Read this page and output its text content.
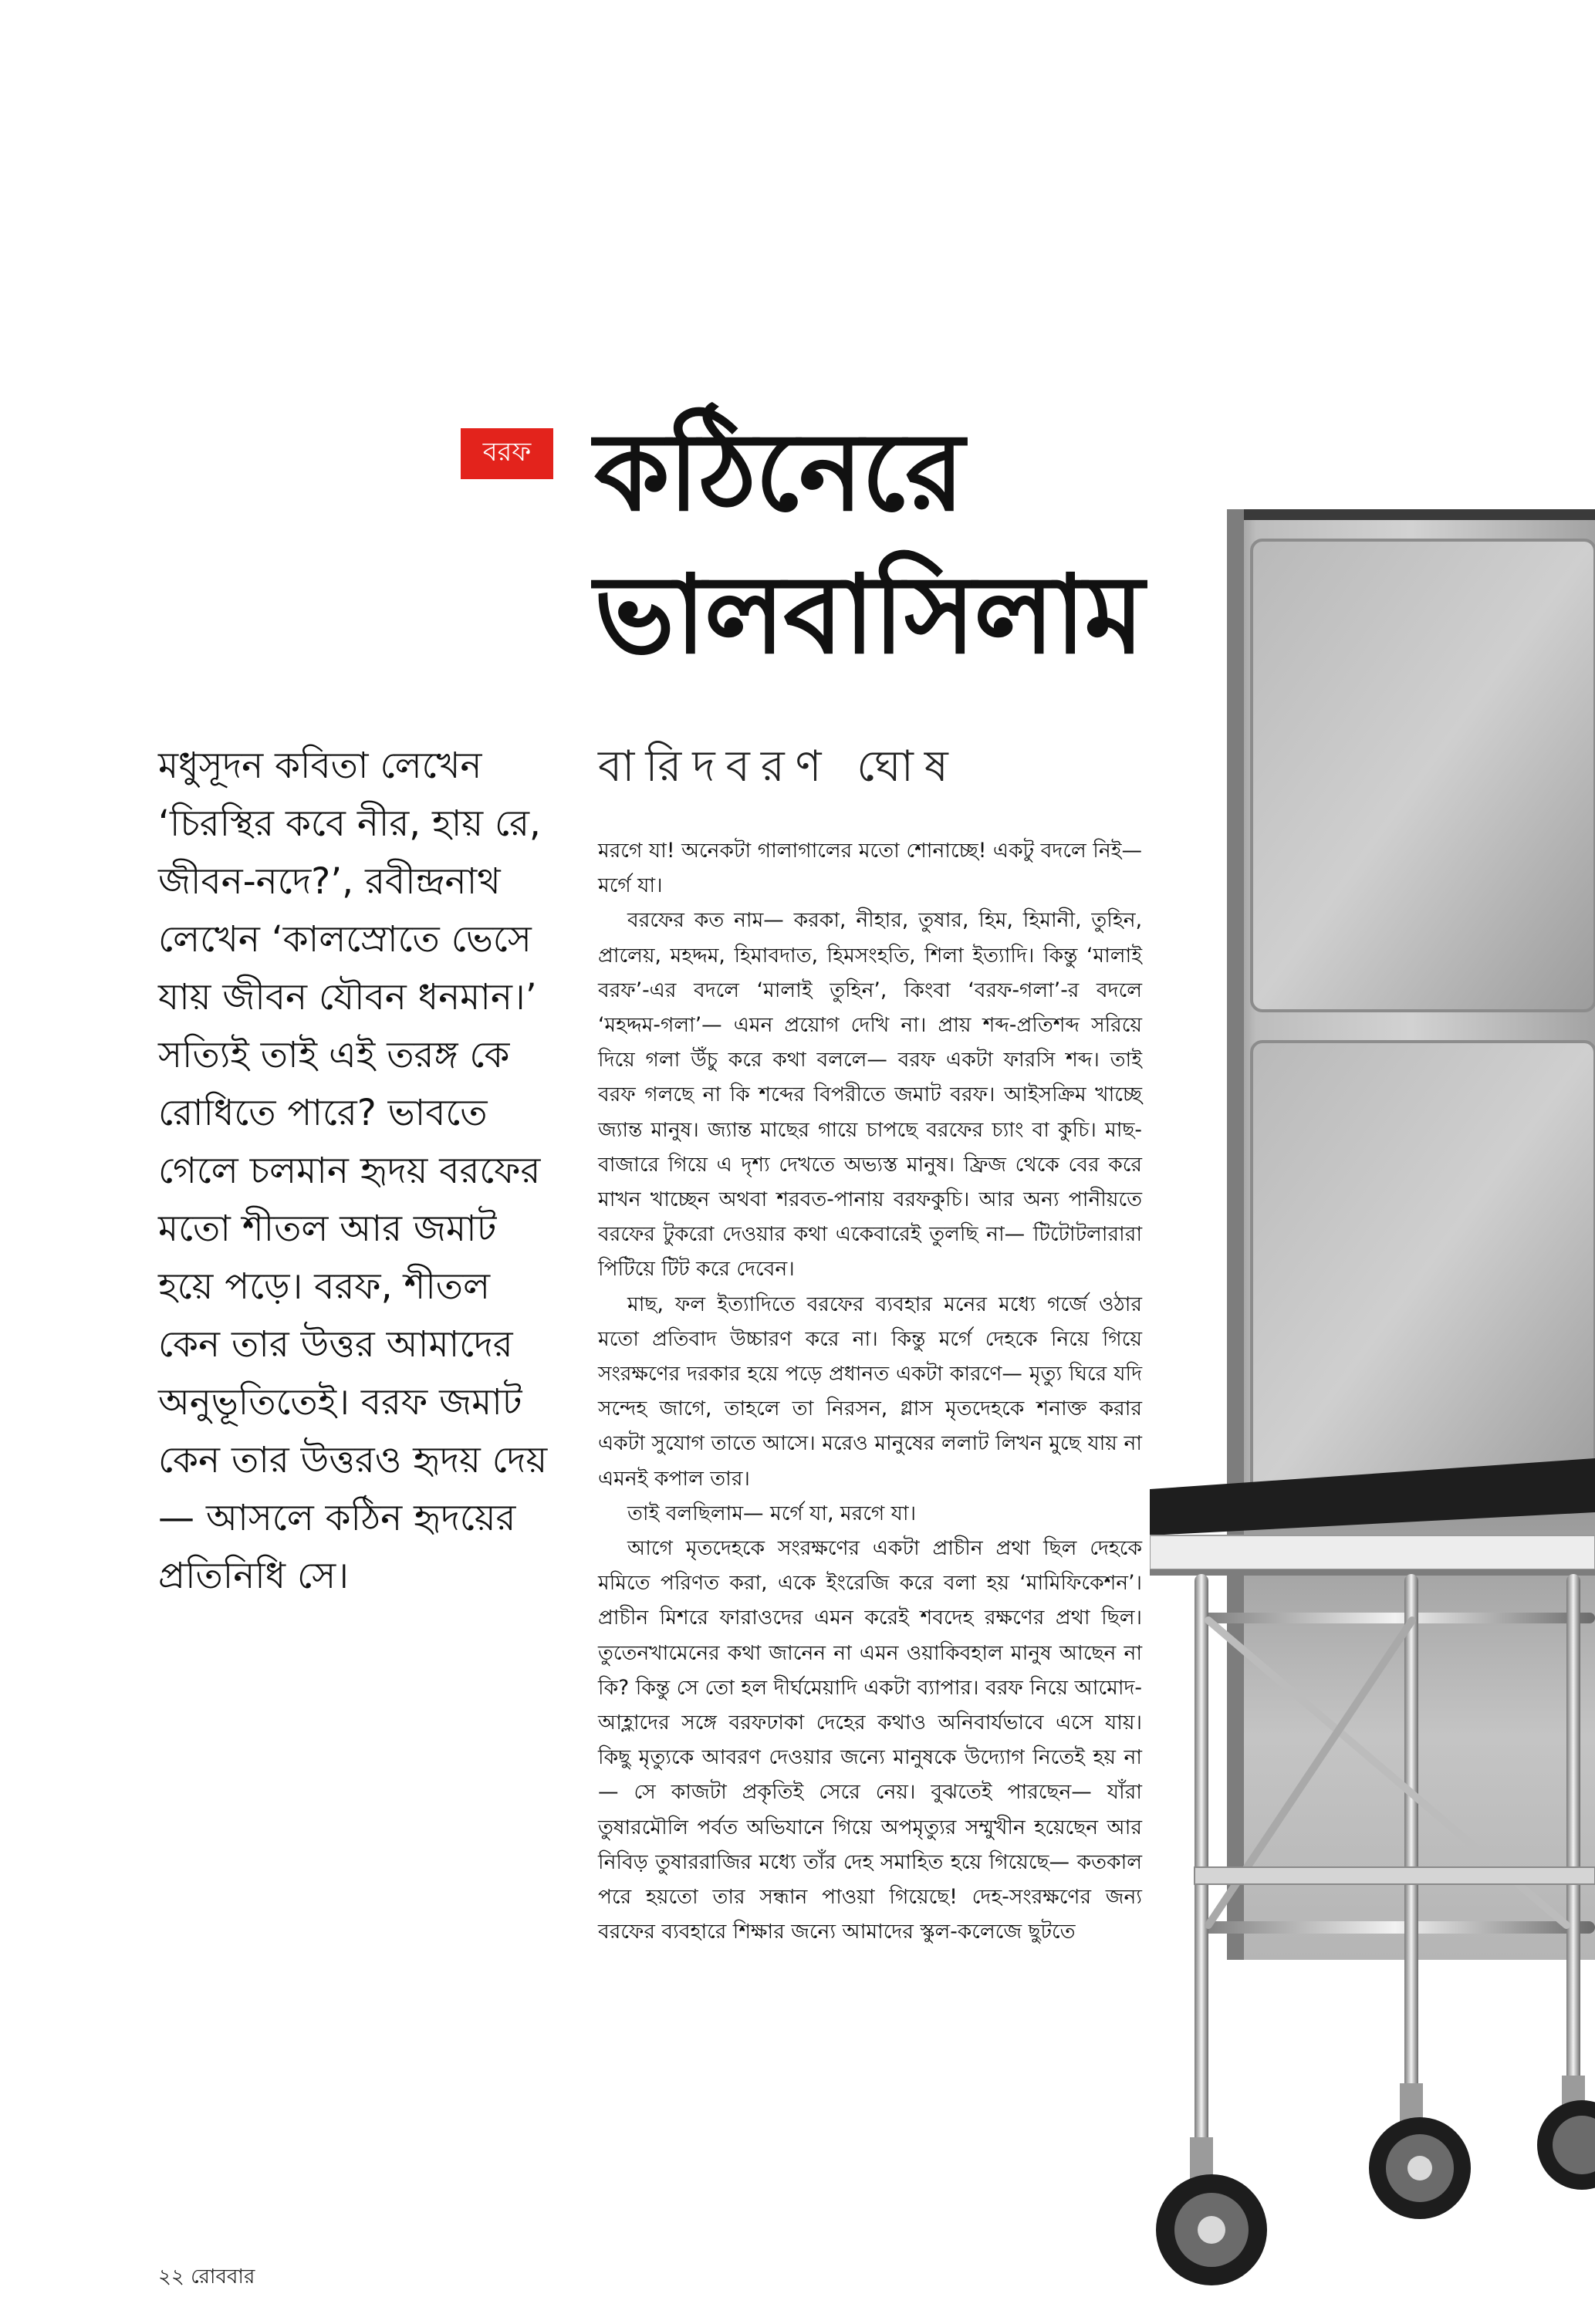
বরফ কঠিনেরে
ভালবাসিলাম
বারিদবরণ ঘোষ
মধুসূদন কবিতা লেখেন ‘চিরস্থির কবে নীর, হায় রে, জীবন-নদে?’, রবীন্দ্রনাথ লেখেন ‘কালস্রোতে ভেসে যায় জীবন যৌবন ধনমান।’ সত্যিই তাই এই তরঙ্গ কে রোধিতে পারে? ভাবতে গেলে চলমান হৃদয় বরফের মতো শীতল আর জমাট হয়ে পড়ে। বরফ, শীতল কেন তার উত্তর আমাদের অনুভূতিতেই। বরফ জমাট কেন তার উত্তরও হৃদয় দেয়— আসলে কঠিন হৃদয়ের প্রতিনিধি সে।

মরগে যা! অনেকটা গালাগালের মতো শোনাচ্ছে! একটু বদলে নিই— মর্গে যা।

বরফের কত নাম— করকা, নীহার, তুষার, হিম, হিমানী, তুহিন, প্রালেয়, মহদ্দম, হিমাবদাত, হিমসংহতি, শিলা ইত্যাদি। কিন্তু ‘মালাই বরফ’-এর বদলে ‘মালাই তুহিন’, কিংবা ‘বরফ-গলা’-র বদলে ‘মহদ্দম-গলা’— এমন প্রয়োগ দেখি না। প্রায় শব্দ-প্রতিশব্দ সরিয়ে দিয়ে গলা উঁচু করে কথা বললে— বরফ একটা ফারসি শব্দ। তাই বরফ গলছে না কি শব্দের বিপরীতে জমাট বরফ। আইসক্রিম খাচ্ছে জ্যান্ত মানুষ। জ্যান্ত মাছের গায়ে চাপছে বরফের চ্যাং বা কুচি। মাছ-বাজারে গিয়ে এ দৃশ্য দেখতে অভ্যস্ত মানুষ। ফ্রিজ থেকে বের করে মাখন খাচ্ছেন অথবা শরবত-পানায় বরফকুচি। আর অন্য পানীয়তে বরফের টুকরো দেওয়ার কথা একেবারেই তুলছি না— টিটোটলারারা পিটিয়ে টিট করে দেবেন।

মাছ, ফল ইত্যাদিতে বরফের ব্যবহার মনের মধ্যে গর্জে ওঠার মতো প্রতিবাদ উচ্চারণ করে না। কিন্তু মর্গে দেহকে নিয়ে গিয়ে সংরক্ষণের দরকার হয়ে পড়ে প্রধানত একটা কারণে— মৃত্যু ঘিরে যদি সন্দেহ জাগে, তাহলে তা নিরসন, গ্লাস মৃতদেহকে শনাক্ত করার একটা সুযোগ তাতে আসে। মরেও মানুষের ললাট লিখন মুছে যায় না এমনই কপাল তার।

তাই বলছিলাম— মর্গে যা, মরগে যা।

আগে মৃতদেহকে সংরক্ষণের একটা প্রাচীন প্রথা ছিল দেহকে মমিতে পরিণত করা, একে ইংরেজি করে বলা হয় ‘মামিফিকেশন’। প্রাচীন মিশরে ফারাওদের এমন করেই শবদেহ রক্ষণের প্রথা ছিল। তুতেনখামেনের কথা জানেন না এমন ওয়াকিবহাল মানুষ আছেন না কি? কিন্তু সে তো হল দীর্ঘমেয়াদি একটা ব্যাপার। বরফ নিয়ে আমোদ-আহ্লাদের সঙ্গে বরফঢাকা দেহের কথাও অনিবার্যভাবে এসে যায়। কিছু মৃত্যুকে আবরণ দেওয়ার জন্যে মানুষকে উদ্যোগ নিতেই হয় না— সে কাজটা প্রকৃতিই সেরে নেয়। বুঝতেই পারছেন— যাঁরা তুষারমৌলি পর্বত অভিযানে গিয়ে অপমৃত্যুর সম্মুখীন হয়েছেন আর নিবিড় তুষাররাজির মধ্যে তাঁর দেহ সমাহিত হয়ে গিয়েছে— কতকাল পরে হয়তো তার সন্ধান পাওয়া গিয়েছে! দেহ-সংরক্ষণের জন্য বরফের ব্যবহারে শিক্ষার জন্যে আমাদের স্কুল-কলেজে ছুটতে

২২ রোববার
